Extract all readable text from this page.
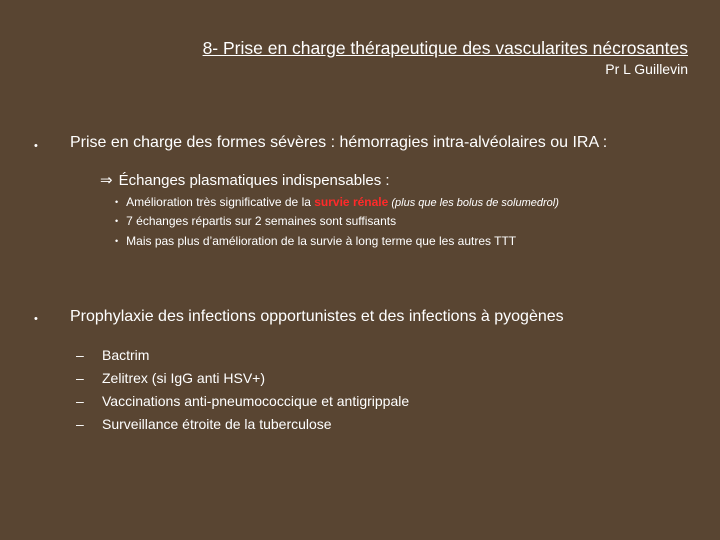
8- Prise en charge thérapeutique des vascularites nécrosantes
Pr L Guillevin
• Prise en charge des formes sévères : hémorragies intra-alvéolaires ou IRA :
⇒ Échanges plasmatiques indispensables :
• Amélioration très significative de la survie rénale (plus que les bolus de solumedrol)
• 7 échanges répartis sur 2 semaines sont suffisants
• Mais pas plus d’amélioration de la survie à long terme que les autres TTT
• Prophylaxie des infections opportunistes et des infections à pyogènes
– Bactrim
– Zelitrex (si IgG anti HSV+)
– Vaccinations anti-pneumococcique et antigrippale
– Surveillance étroite de la tuberculose
